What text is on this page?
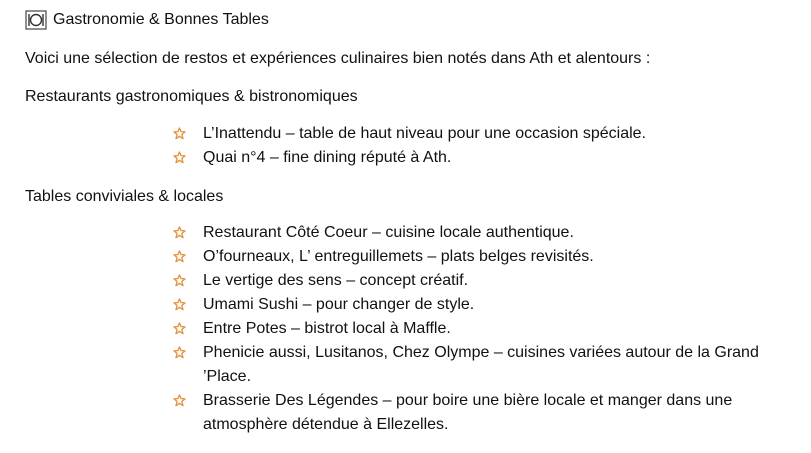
Gastronomie & Bonnes Tables
Voici une sélection de restos et expériences culinaires bien notés dans Ath et alentours :
Restaurants gastronomiques & bistronomiques
L’Inattendu – table de haut niveau pour une occasion spéciale.
Quai n°4 – fine dining réputé à Ath.
Tables conviviales & locales
Restaurant Côté Coeur – cuisine locale authentique.
O’fourneaux, L’ entreguillemets – plats belges revisités.
Le vertige des sens – concept créatif.
Umami Sushi – pour changer de style.
Entre Potes – bistrot local à Maffle.
Phenicie aussi, Lusitanos, Chez Olympe – cuisines variées autour de la Grand ’Place.
Brasserie Des Légendes – pour boire une bière locale et manger dans une atmosphère détendue à Ellezelles.
